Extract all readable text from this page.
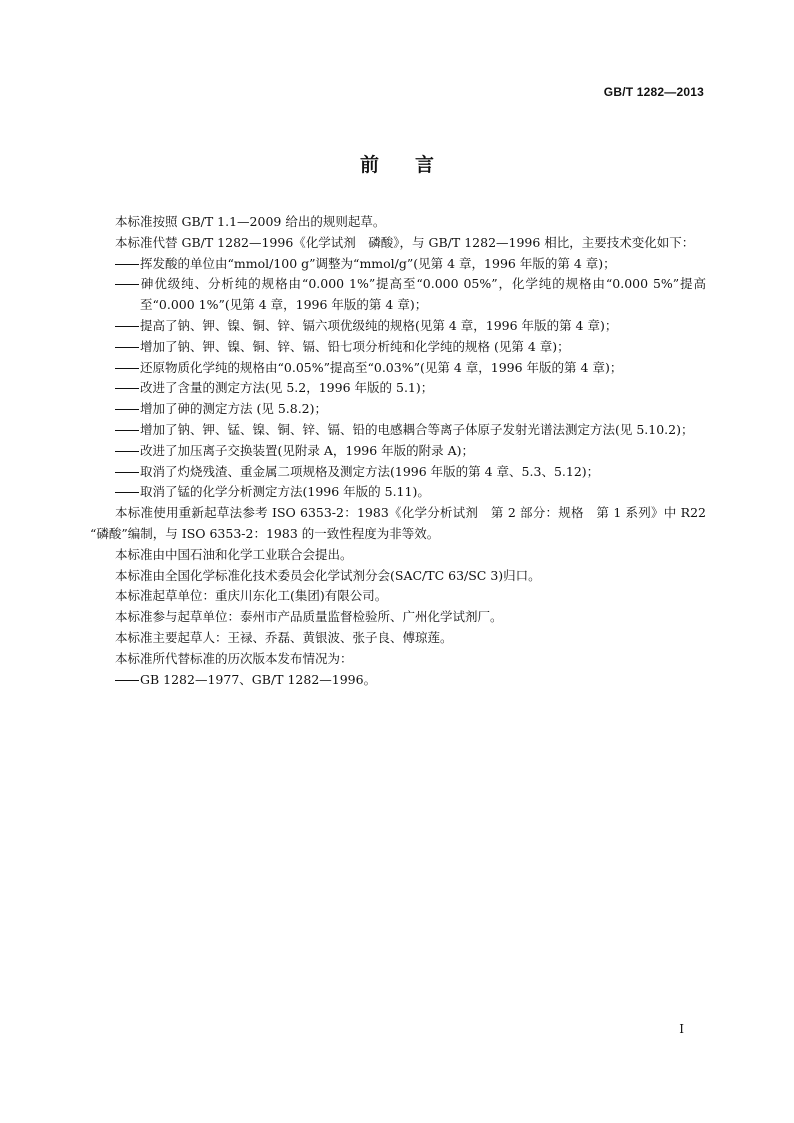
GB/T 1282—2013
前言

本标准按照 GB/T 1.1—2009 给出的规则起草。

本标准代替 GB/T 1282—1996《化学试剂　磷酸》，与 GB/T 1282—1996 相比，主要技术变化如下：

挥发酸的单位由“mmol/100 g”调整为“mmol/g”(见第 4 章，1996 年版的第 4 章)；

砷优级纯、分析纯的规格由“0.000 1%”提高至“0.000 05%”，化学纯的规格由“0.000 5%”提高至“0.000 1%”(见第 4 章，1996 年版的第 4 章)；

提高了钠、钾、镍、铜、锌、镉六项优级纯的规格(见第 4 章，1996 年版的第 4 章)；

增加了钠、钾、镍、铜、锌、镉、铅七项分析纯和化学纯的规格 (见第 4 章)；

还原物质化学纯的规格由“0.05%”提高至“0.03%”(见第 4 章，1996 年版的第 4 章)；

改进了含量的测定方法(见 5.2，1996 年版的 5.1)；

增加了砷的测定方法 (见 5.8.2)；

增加了钠、钾、锰、镍、铜、锌、镉、铅的电感耦合等离子体原子发射光谱法测定方法(见 5.10.2)；

改进了加压离子交换装置(见附录 A，1996 年版的附录 A)；

取消了灼烧残渣、重金属二项规格及测定方法(1996 年版的第 4 章、5.3、5.12)；

取消了锰的化学分析测定方法(1996 年版的 5.11)。

本标准使用重新起草法参考 ISO 6353-2：1983《化学分析试剂　第 2 部分：规格　第 1 系列》中 R22 “磷酸”编制，与 ISO 6353-2：1983 的一致性程度为非等效。

本标准由中国石油和化学工业联合会提出。

本标准由全国化学标准化技术委员会化学试剂分会(SAC/TC 63/SC 3)归口。

本标准起草单位：重庆川东化工(集团)有限公司。

本标准参与起草单位：泰州市产品质量监督检验所、广州化学试剂厂。

本标准主要起草人：王禄、乔磊、黄银波、张子良、傅琼莲。

本标准所代替标准的历次版本发布情况为：

GB 1282—1977、GB/T 1282—1996。

Ⅰ
